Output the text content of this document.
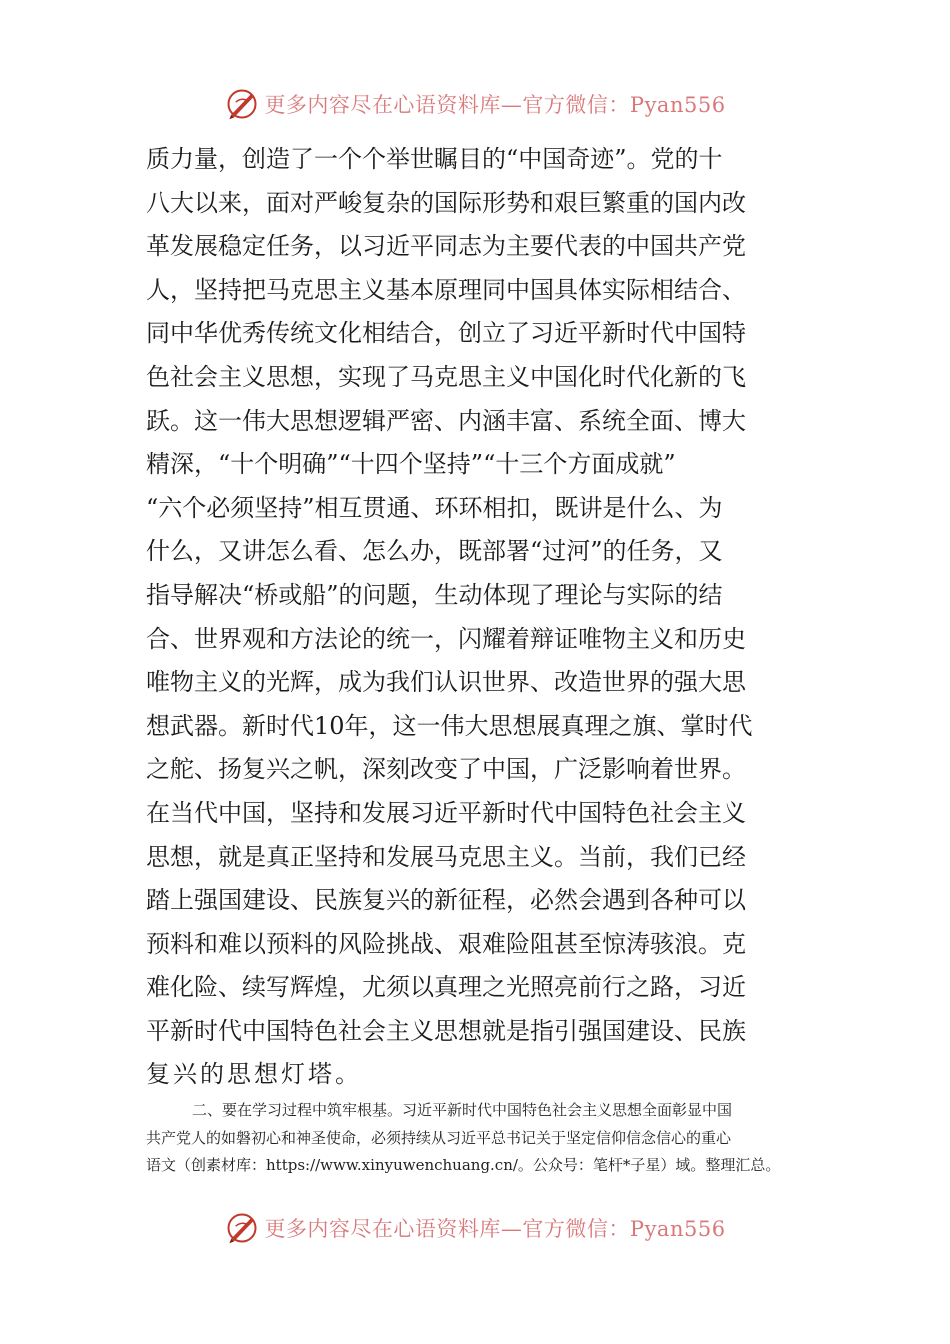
更多内容尽在心语资料库—官方微信：Pyan556
质力量，创造了一个个举世瞩目的“中国奇迹”。党的十
八大以来，面对严峻复杂的国际形势和艰巨繁重的国内改
革发展稳定任务，以习近平同志为主要代表的中国共产党
人，坚持把马克思主义基本原理同中国具体实际相结合、
同中华优秀传统文化相结合，创立了习近平新时代中国特
色社会主义思想，实现了马克思主义中国化时代化新的飞
跃。这一伟大思想逻辑严密、内涵丰富、系统全面、博大
精深，“十个明确”“十四个坚持”“十三个方面成就”
“六个必须坚持”相互贯通、环环相扣，既讲是什么、为
什么，又讲怎么看、怎么办，既部署“过河”的任务，又
指导解决“桥或船”的问题，生动体现了理论与实际的结
合、世界观和方法论的统一，闪耀着辩证唯物主义和历史
唯物主义的光辉，成为我们认识世界、改造世界的强大思
想武器。新时代10年，这一伟大思想展真理之旗、掌时代
之舵、扬复兴之帆，深刻改变了中国，广泛影响着世界。
在当代中国，坚持和发展习近平新时代中国特色社会主义
思想，就是真正坚持和发展马克思主义。当前，我们已经
踏上强国建设、民族复兴的新征程，必然会遇到各种可以
预料和难以预料的风险挑战、艰难险阻甚至惊涛骇浪。克
难化险、续写辉煌，尤须以真理之光照亮前行之路，习近
平新时代中国特色社会主义思想就是指引强国建设、民族
复兴的思想灯塔。
二、要在学习过程中筑牢根基。习近平新时代中国特色社会主义思想全面彰显中国
共产党人的如磐初心和神圣使命，必须持续从习近平总书记关于坚定信仰信念信心的重心
语文（创素材库：https://www.xinyuwenchuang.cn/。公众号：笔杆*子星）域。整理汇总。
更多内容尽在心语资料库—官方微信：Pyan556
